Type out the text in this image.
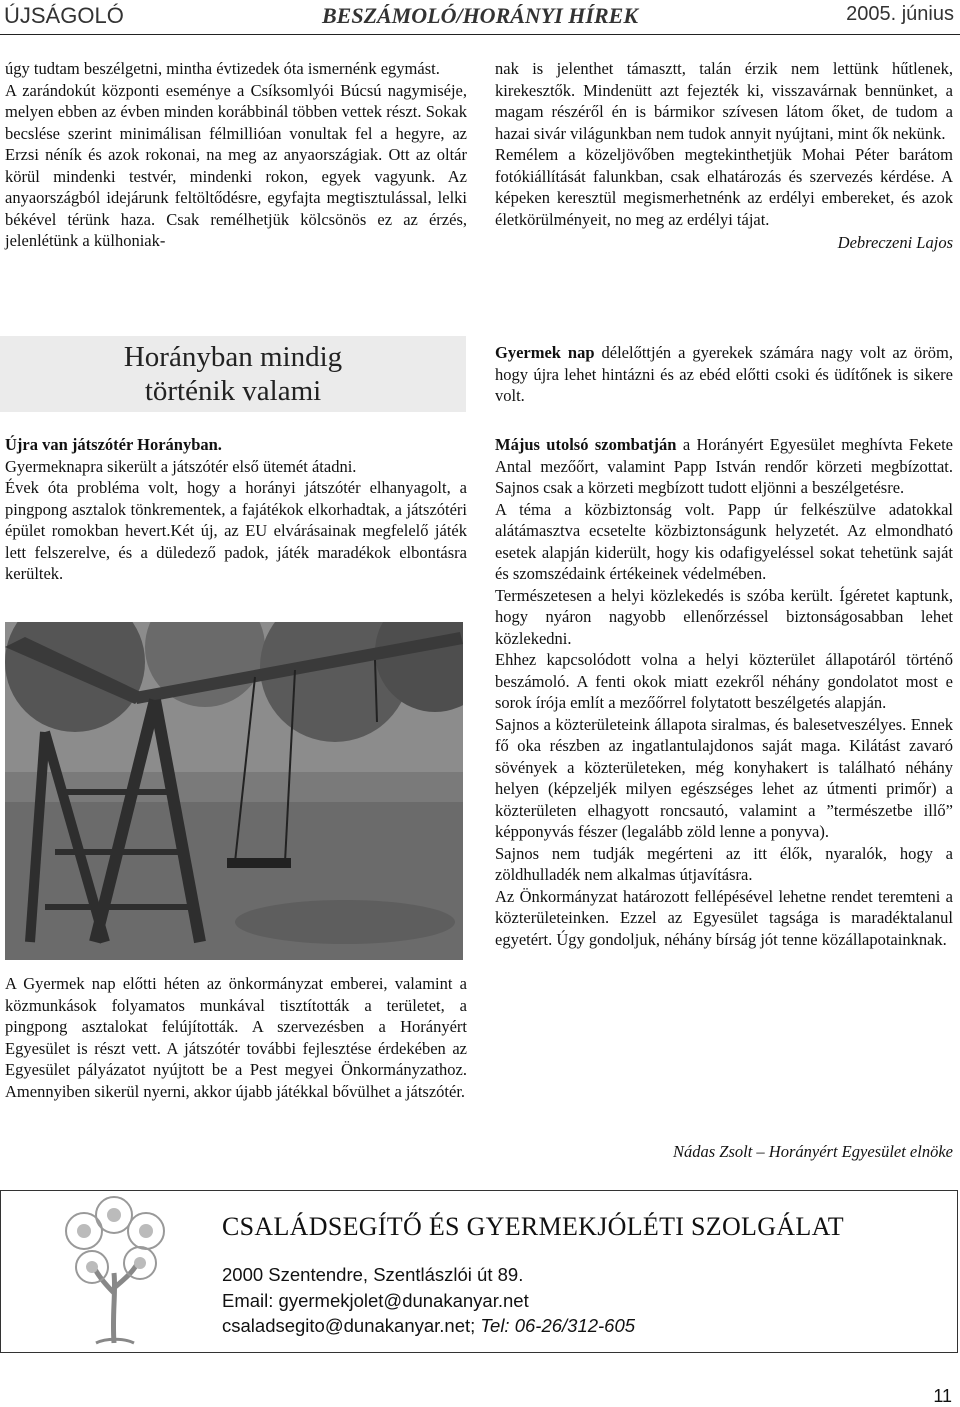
ÚJSÁGOLÓ	BESZÁMOLÓ/HORÁNYI HÍREK	2005. június

úgy tudtam beszélgetni, mintha évtizedek óta ismernénk egymást.

A zarándokút központi eseménye a Csíksomlyói Búcsú nagymiséje, melyen ebben az évben minden korábbinál többen vettek részt. Sokak becslése szerint minimálisan félmillióan vonultak fel a hegyre, az Erzsi néník és azok rokonai, na meg az anyaországiak. Ott az oltár körül mindenki testvér, mindenki rokon, egyek vagyunk. Az anyaországból idejárunk feltöltődésre, egyfajta megtisztulással, lelki békével térünk haza. Csak remélhetjük kölcsönös ez az érzés, jelenlétünk a külhoniak-

Horányban mindig
történik valami

Újra van játszótér Horányban.

Gyermeknapra sikerült a játszótér első ütemét átadni.

Évek óta probléma volt, hogy a horányi játszótér elhanyagolt, a pingpong asztalok tönkrementek, a fajátékok elkorhadtak, a játszótéri épület romokban hevert.Két új, az EU elvárásainak megfelelő játék lett felszerelve, és a düledező padok, játék maradékok elbontásra kerültek.

A Gyermek nap előtti héten az önkormányzat emberei, valamint a közmunkások folyamatos munkával tisztították a területet, a pingpong asztalokat felújították. A szervezésben a Horányért Egyesület is részt vett. A játszótér további fejlesztése érdekében az Egyesület pályázatot nyújtott be a Pest megyei Önkormányzathoz. Amennyiben sikerül nyerni, akkor újabb játékkal bővülhet a játszótér.

nak is jelenthet támasztt, talán érzik nem lettünk hűtlenek, kirekesztők. Mindenütt azt fejezték ki, visszavárnak bennünket, a magam részéről én is bármikor szívesen látom őket, de tudom a hazai sivár világunkban nem tudok annyit nyújtani, mint ők nekünk.

Remélem a közeljövőben megtekinthetjük Mohai Péter barátom fotókiállítását falunkban, csak elhatározás és szervezés kérdése. A képeken keresztül megismerhetnénk az erdélyi embereket, és azok életkörülményeit, no meg az erdélyi tájat.

Debreczeni Lajos

Gyermek nap délelőttjén a gyerekek számára nagy volt az öröm, hogy újra lehet hintázni és az ebéd előtti csoki és üdítőnek is sikere volt.

Május utolsó szombatján a Horányért Egyesület meghívta Fekete Antal mezőőrt, valamint Papp István rendőr körzeti megbízottat. Sajnos csak a körzeti megbízott tudott eljönni a beszélgetésre.

A téma a közbiztonság volt. Papp úr felkészülve adatokkal alátámasztva ecsetelte közbiztonságunk helyzetét. Az elmondható esetek alapján kiderült, hogy kis odafigyeléssel sokat tehetünk saját és szomszédaink értékeinek védelmében.

Természetesen a helyi közlekedés is szóba került. Ígéretet kaptunk, hogy nyáron nagyobb ellenőrzéssel biztonságosabban lehet közlekedni.

Ehhez kapcsolódott volna a helyi közterület állapotáról történő beszámoló. A fenti okok miatt ezekről néhány gondolatot most e sorok írója említ a mezőőrrel folytatott beszélgetés alapján.

Sajnos a közterületeink állapota siralmas, és balesetveszélyes. Ennek fő oka részben az ingatlantulajdonos saját maga. Kilátást zavaró sövények a közterületeken, még konyhakert is található néhány helyen (képzeljék milyen egészséges lehet az útmenti primőr) a közterületen elhagyott roncsautó, valamint a ”természetbe illő” képponyvás fészer (legalább zöld lenne a ponyva).

Sajnos nem tudják megérteni az itt élők, nyaralók, hogy a zöldhulladék nem alkalmas útjavításra.

Az Önkormányzat határozott fellépésével lehetne rendet teremteni a közterületeinken. Ezzel az Egyesület tagsága is maradéktalanul egyetért. Úgy gondoljuk, néhány bírság jót tenne közállapotainknak.

Nádas Zsolt – Horányért Egyesület elnöke
CSALÁDSEGÍTŐ ÉS GYERMEKJÓLÉTI SZOLGÁLAT
2000 Szentendre, Szentlászlói út 89.
Email: gyermekjolet@dunakanyar.net
csaladsegito@dunakanyar.net; Tel: 06-26/312-605
11
